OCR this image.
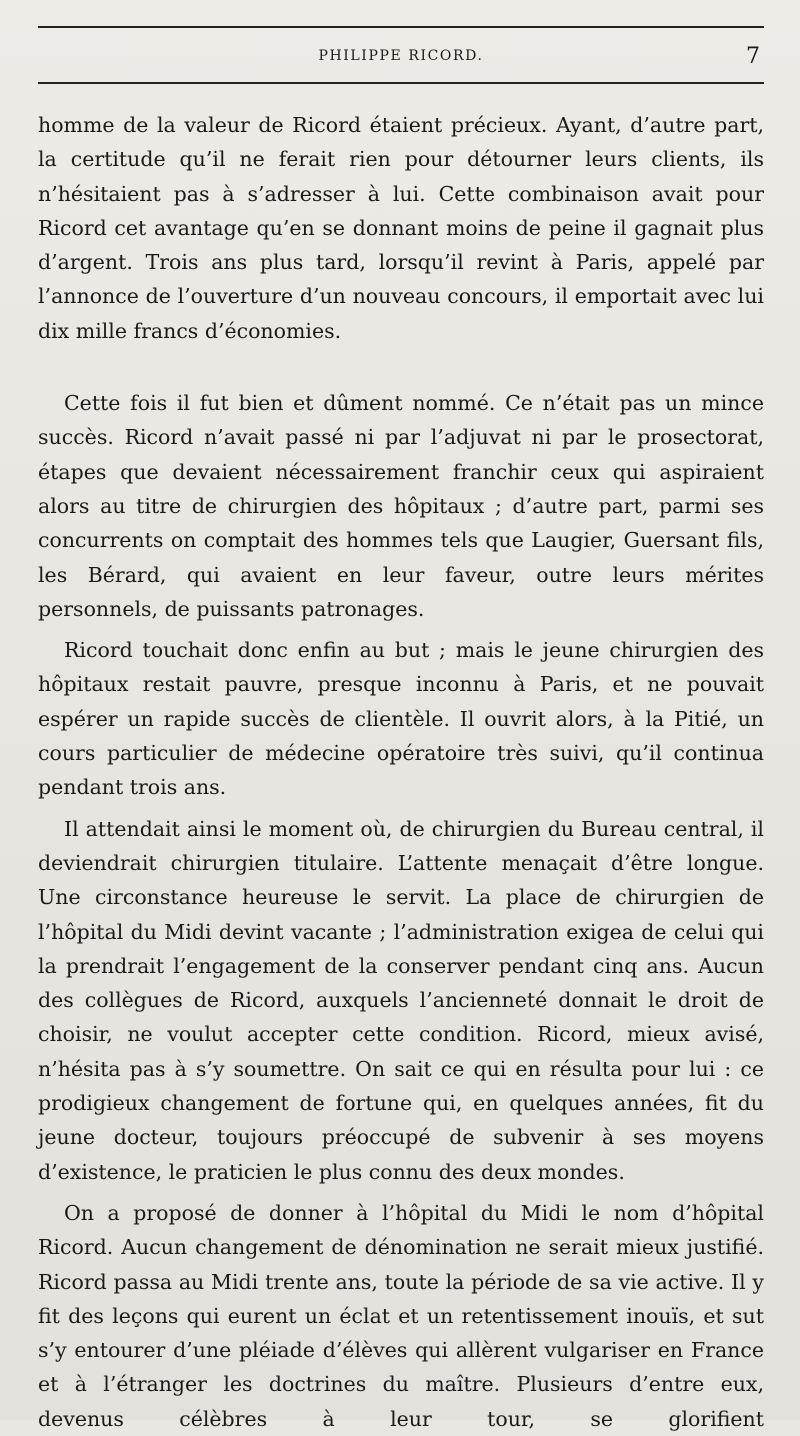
PHILIPPE RICORD.	7

homme de la valeur de Ricord étaient précieux. Ayant, d’autre part, la certitude qu’il ne ferait rien pour détourner leurs clients, ils n’hésitaient pas à s’adresser à lui. Cette combinaison avait pour Ricord cet avantage qu’en se donnant moins de peine il gagnait plus d’argent. Trois ans plus tard, lorsqu’il revint à Paris, appelé par l’annonce de l’ouverture d’un nouveau concours, il emportait avec lui dix mille francs d’économies.

Cette fois il fut bien et dûment nommé. Ce n’était pas un mince succès. Ricord n’avait passé ni par l’adjuvat ni par le prosectorat, étapes que devaient nécessairement franchir ceux qui aspiraient alors au titre de chirurgien des hôpitaux ; d’autre part, parmi ses concurrents on comptait des hommes tels que Laugier, Guersant fils, les Bérard, qui avaient en leur faveur, outre leurs mérites personnels, de puissants patronages.

Ricord touchait donc enfin au but ; mais le jeune chirurgien des hôpitaux restait pauvre, presque inconnu à Paris, et ne pouvait espérer un rapide succès de clientèle. Il ouvrit alors, à la Pitié, un cours particulier de médecine opératoire très suivi, qu’il continua pendant trois ans.

Il attendait ainsi le moment où, de chirurgien du Bureau central, il deviendrait chirurgien titulaire. L’attente menaçait d’être longue. Une circonstance heureuse le servit. La place de chirurgien de l’hôpital du Midi devint vacante ; l’administration exigea de celui qui la prendrait l’engagement de la conserver pendant cinq ans. Aucun des collègues de Ricord, auxquels l’ancienneté donnait le droit de choisir, ne voulut accepter cette condition. Ricord, mieux avisé, n’hésita pas à s’y soumettre. On sait ce qui en résulta pour lui : ce prodigieux changement de fortune qui, en quelques années, fit du jeune docteur, toujours préoccupé de subvenir à ses moyens d’existence, le praticien le plus connu des deux mondes.

On a proposé de donner à l’hôpital du Midi le nom d’hôpital Ricord. Aucun changement de dénomination ne serait mieux justifié. Ricord passa au Midi trente ans, toute la période de sa vie active. Il y fit des leçons qui eurent un éclat et un retentissement inouïs, et sut s’y entourer d’une pléiade d’élèves qui allèrent vulgariser en France et à l’étranger les doctrines du maître. Plusieurs d’entre eux, devenus célèbres à leur tour, se glorifient
